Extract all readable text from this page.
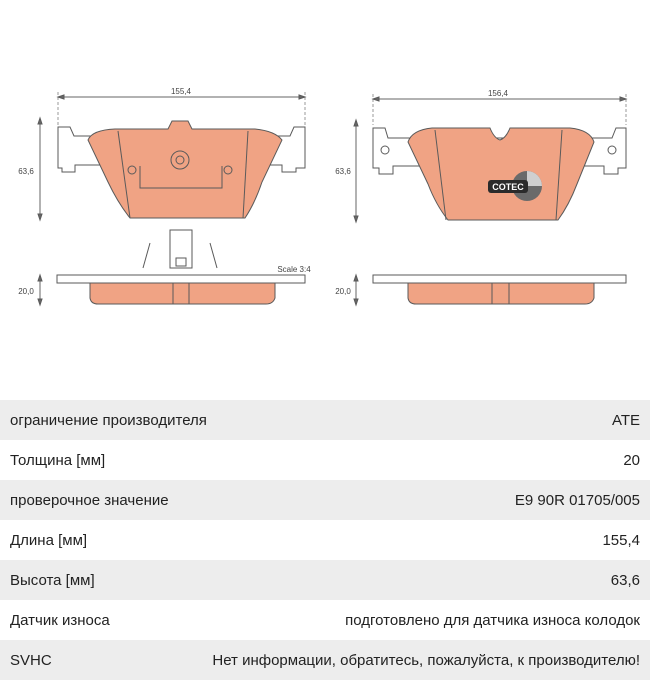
155,4
63,6
20,0
Scale 3:4
COTEC
156,4
63,6
20,0
ограничение производителя	ATE
Толщина [мм]	20
проверочное значение	E9 90R 01705/005
Длина [мм]	155,4
Высота [мм]	63,6
Датчик износа	подготовлено для датчика износа колодок
SVHC	Нет информации, обратитесь, пожалуйста, к производителю!
